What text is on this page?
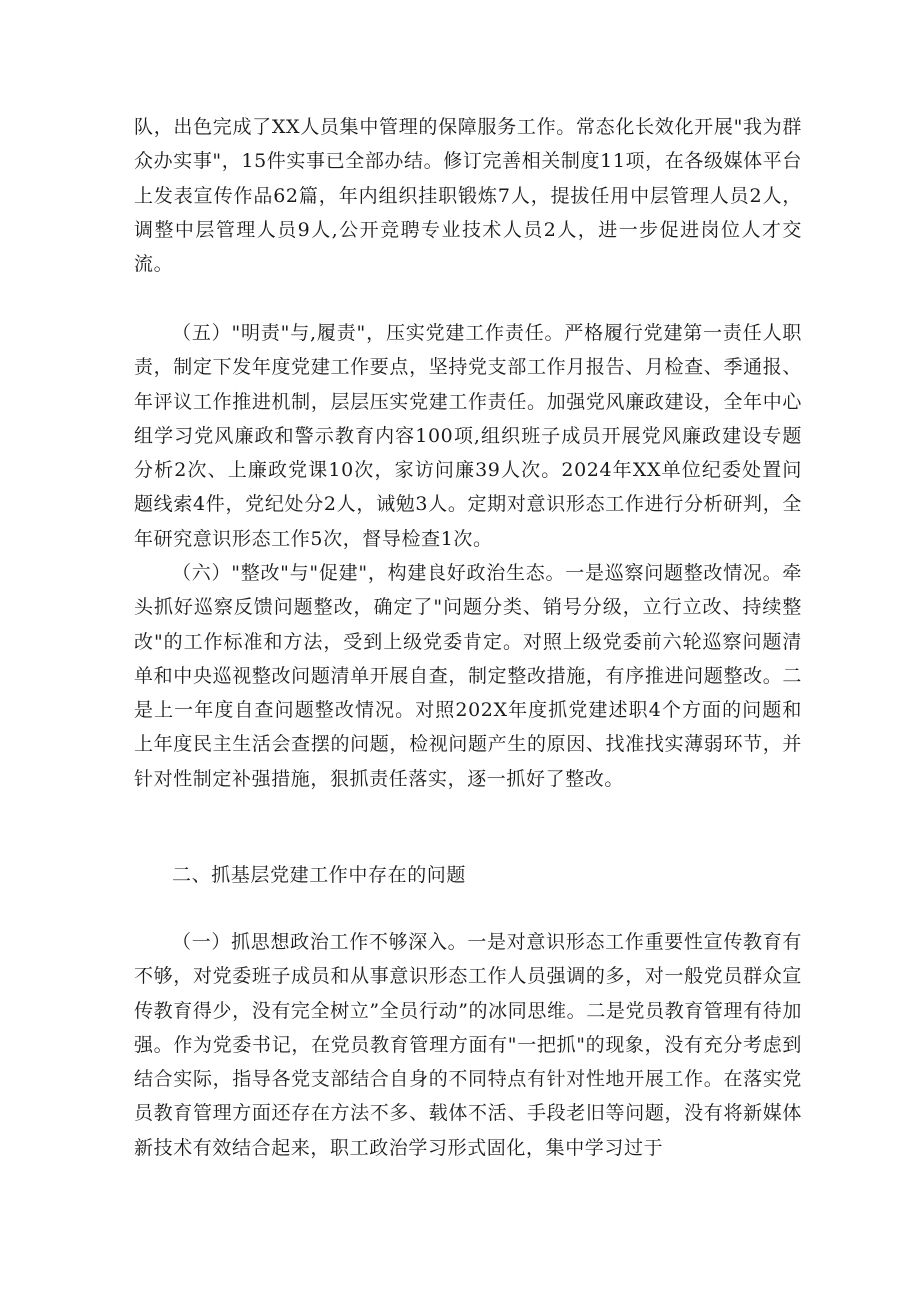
队，出色完成了XX人员集中管理的保障服务工作。常态化长效化开展"我为群众办实事"，15件实事已全部办结。修订完善相关制度11项，在各级媒体平台上发表宣传作品62篇，年内组织挂职锻炼7人，提拔任用中层管理人员2人，调整中层管理人员9人,公开竞聘专业技术人员2人，进一步促进岗位人才交流。

（五）"明责"与,履责"，压实党建工作责任。严格履行党建第一责任人职责，制定下发年度党建工作要点，坚持党支部工作月报告、月检查、季通报、年评议工作推进机制，层层压实党建工作责任。加强党风廉政建设，全年中心组学习党风廉政和警示教育内容100项,组织班子成员开展党风廉政建设专题分析2次、上廉政党课10次，家访问廉39人次。2024年XX单位纪委处置问题线索4件，党纪处分2人，诫勉3人。定期对意识形态工作进行分析研判，全年研究意识形态工作5次，督导检查1次。

（六）"整改"与"促建"，构建良好政治生态。一是巡察问题整改情况。牵头抓好巡察反馈问题整改，确定了"问题分类、销号分级，立行立改、持续整改"的工作标准和方法，受到上级党委肯定。对照上级党委前六轮巡察问题清单和中央巡视整改问题清单开展自查，制定整改措施，有序推进问题整改。二是上一年度自查问题整改情况。对照202X年度抓党建述职4个方面的问题和上年度民主生活会查摆的问题，检视问题产生的原因、找准找实薄弱环节，并针对性制定补强措施，狠抓责任落实，逐一抓好了整改。

二、抓基层党建工作中存在的问题

（一）抓思想政治工作不够深入。一是对意识形态工作重要性宣传教育有不够，对党委班子成员和从事意识形态工作人员强调的多，对一般党员群众宣传教育得少，没有完全树立”全员行动”的冰同思维。二是党员教育管理有待加强。作为党委书记，在党员教育管理方面有"一把抓"的现象，没有充分考虑到结合实际，指导各党支部结合自身的不同特点有针对性地开展工作。在落实党员教育管理方面还存在方法不多、载体不活、手段老旧等问题，没有将新媒体新技术有效结合起来，职工政治学习形式固化，集中学习过于
